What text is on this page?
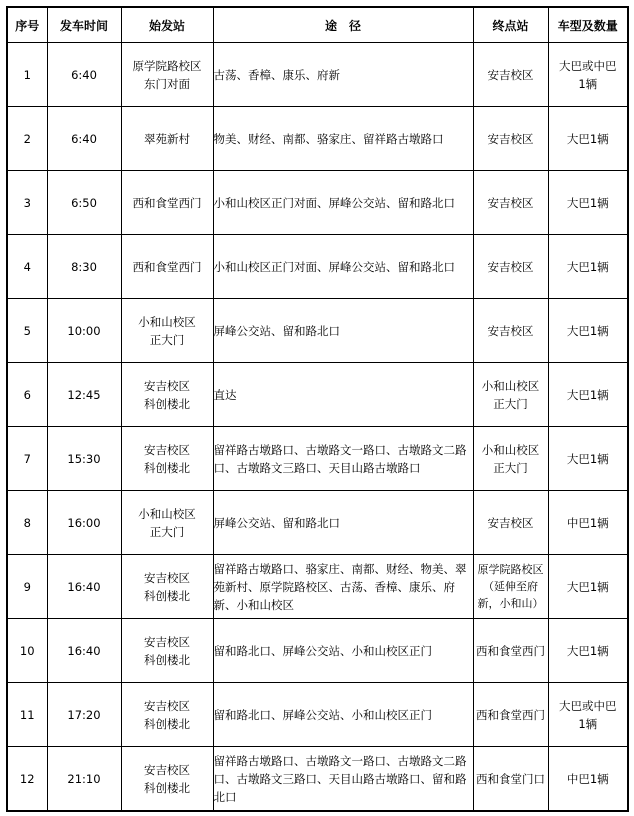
序号	发车时间	始发站	途　径	终点站	车型及数量

1	6:40	原学院路校区
东门对面	古荡、香樟、康乐、府新	安吉校区	大巴或中巴
1辆

2	6:40	翠苑新村	物美、财经、南都、骆家庄、留祥路古墩路口	安吉校区	大巴1辆

3	6:50	西和食堂西门	小和山校区正门对面、屏峰公交站、留和路北口	安吉校区	大巴1辆

4	8:30	西和食堂西门	小和山校区正门对面、屏峰公交站、留和路北口	安吉校区	大巴1辆

5	10:00	小和山校区
正大门	屏峰公交站、留和路北口	安吉校区	大巴1辆

6	12:45	安吉校区
科创楼北	直达	小和山校区
正大门	大巴1辆

7	15:30	安吉校区
科创楼北	留祥路古墩路口、古墩路文一路口、古墩路文二路口、古墩路文三路口、天目山路古墩路口	小和山校区
正大门	大巴1辆

8	16:00	小和山校区
正大门	屏峰公交站、留和路北口	安吉校区	中巴1辆

9	16:40	安吉校区
科创楼北	留祥路古墩路口、骆家庄、南都、财经、物美、翠苑新村、原学院路校区、古荡、香樟、康乐、府新、小和山校区	原学院路校区
（延伸至府新，小和山）	大巴1辆

10	16:40	安吉校区
科创楼北	留和路北口、屏峰公交站、小和山校区正门	西和食堂西门	大巴1辆

11	17:20	安吉校区
科创楼北	留和路北口、屏峰公交站、小和山校区正门	西和食堂西门	大巴或中巴
1辆

12	21:10	安吉校区
科创楼北	留祥路古墩路口、古墩路文一路口、古墩路文二路口、古墩路文三路口、天目山路古墩路口、留和路北口	西和食堂门口	中巴1辆
